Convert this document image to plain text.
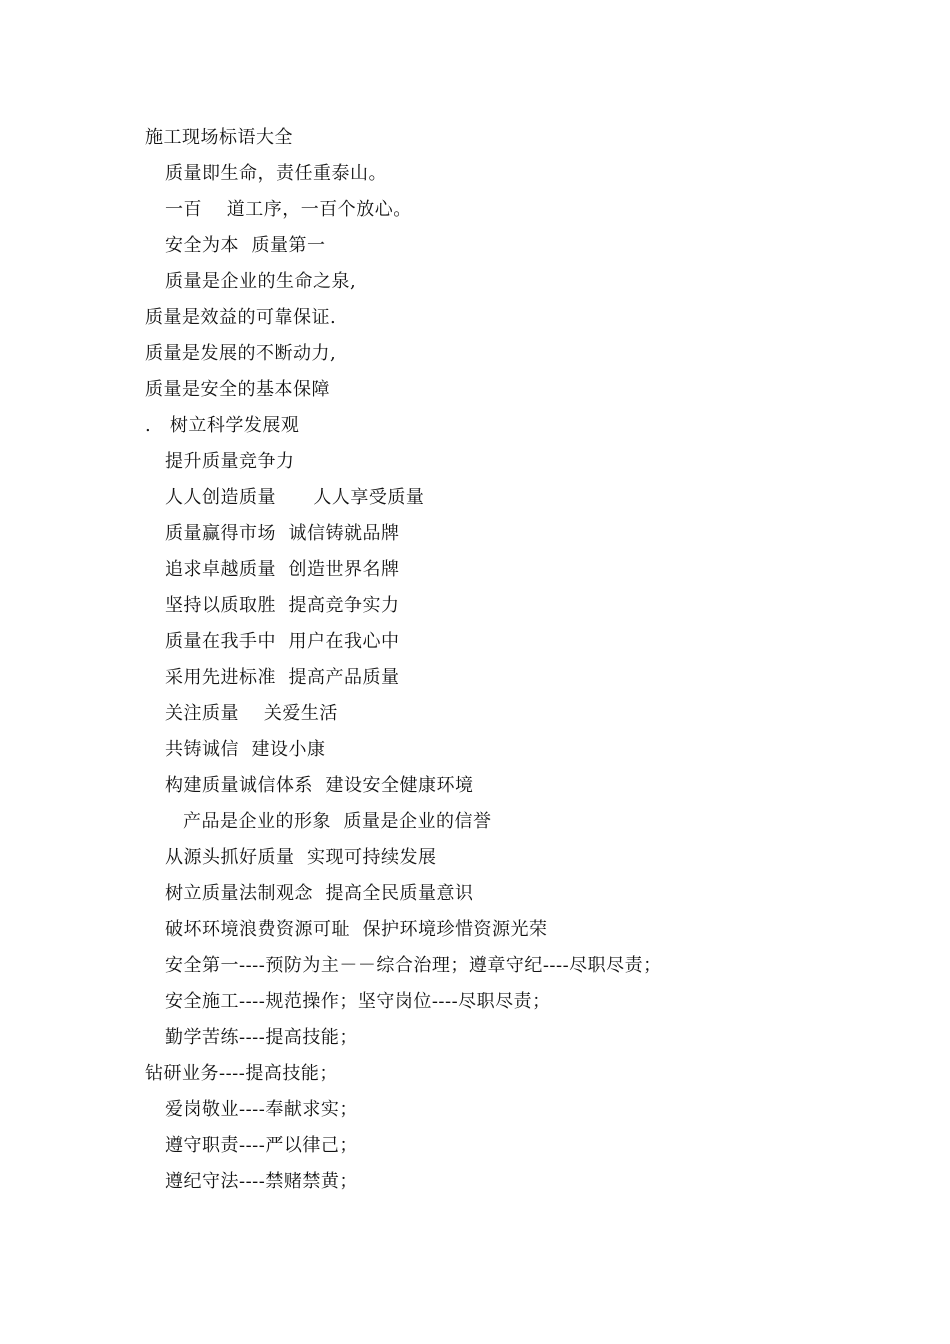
施工现场标语大全
质量即生命，责任重泰山。
一百　 道工序，一百个放心。
安全为本  质量第一
质量是企业的生命之泉,
质量是效益的可靠保证.
质量是发展的不断动力,
质量是安全的基本保障
.   树立科学发展观
提升质量竞争力
人人创造质量      人人享受质量
质量赢得市场  诚信铸就品牌
追求卓越质量  创造世界名牌
坚持以质取胜  提高竞争实力
质量在我手中  用户在我心中
采用先进标准  提高产品质量
关注质量    关爱生活
共铸诚信  建设小康
构建质量诚信体系  建设安全健康环境
产品是企业的形象  质量是企业的信誉
从源头抓好质量  实现可持续发展
树立质量法制观念  提高全民质量意识
破坏环境浪费资源可耻  保护环境珍惜资源光荣
安全第一----预防为主－－综合治理；遵章守纪----尽职尽责；
安全施工----规范操作；坚守岗位----尽职尽责；
勤学苦练----提高技能；
钻研业务----提高技能；
爱岗敬业----奉献求实；
遵守职责----严以律己；
遵纪守法----禁赌禁黄；
